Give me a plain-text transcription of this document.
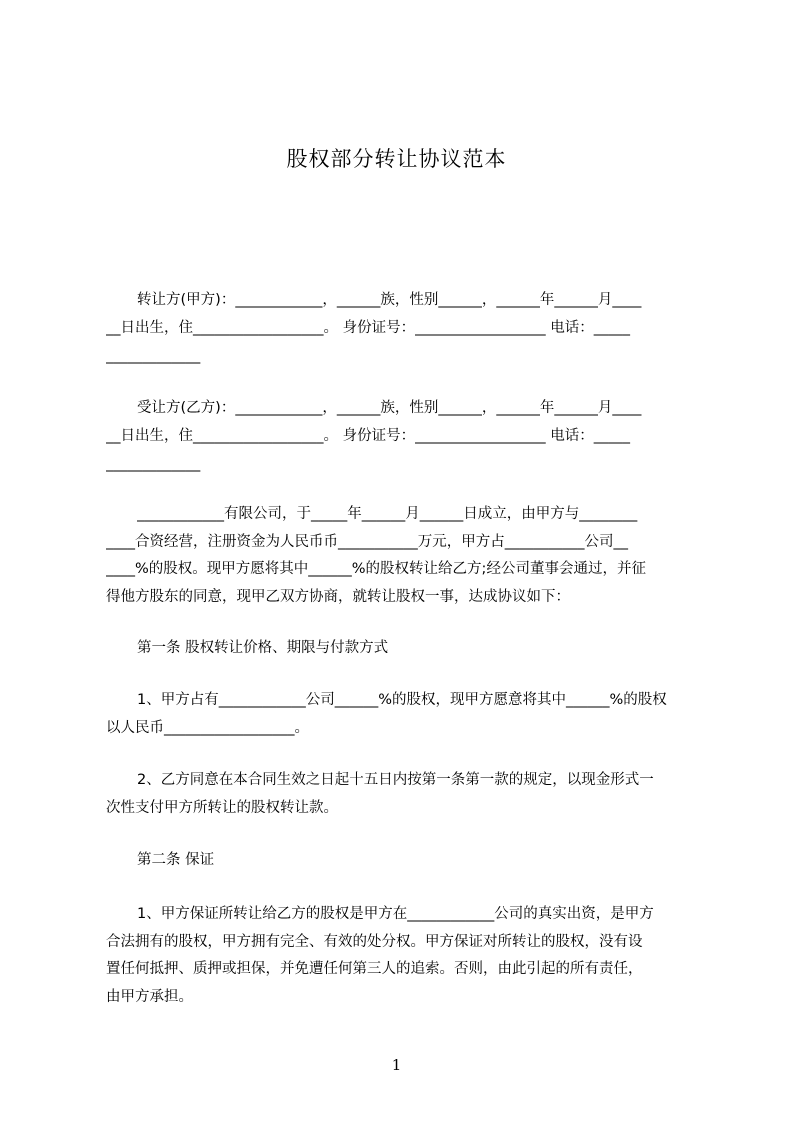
股权部分转让协议范本
转让方(甲方)：____________，______族，性别______，______年______月____
__日出生，住__________________。 身份证号：__________________ 电话：_____
_____________
受让方(乙方)：____________，______族，性别______，______年______月____
__日出生，住__________________。 身份证号：__________________ 电话：_____
_____________
____________有限公司，于_____年______月______日成立，由甲方与________
____合资经营，注册资金为人民币币___________万元，甲方占___________公司__
____%的股权。现甲方愿将其中______%的股权转让给乙方;经公司董事会通过，并征
得他方股东的同意，现甲乙双方协商，就转让股权一事，达成协议如下：
第一条 股权转让价格、期限与付款方式
1、甲方占有____________公司______%的股权，现甲方愿意将其中______%的股权
以人民币__________________。
2、乙方同意在本合同生效之日起十五日内按第一条第一款的规定，以现金形式一
次性支付甲方所转让的股权转让款。
第二条 保证
1、甲方保证所转让给乙方的股权是甲方在____________公司的真实出资，是甲方
合法拥有的股权，甲方拥有完全、有效的处分权。甲方保证对所转让的股权，没有设
置任何抵押、质押或担保，并免遭任何第三人的追索。否则，由此引起的所有责任，
由甲方承担。
1
